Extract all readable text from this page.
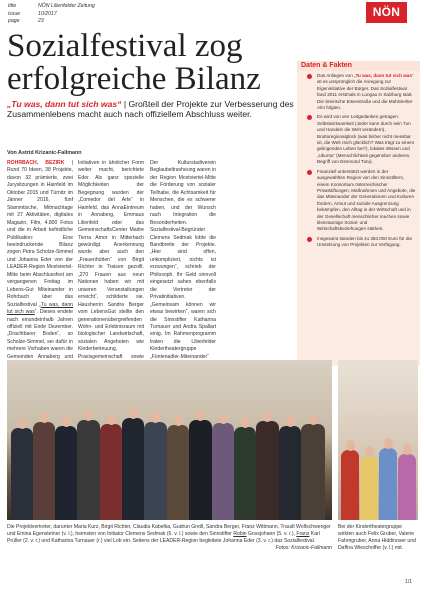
title	NÖN Lilienfelder Zeitung
issue	10/2017
page	23
NÖN
Sozialfestival zog
erfolgreiche Bilanz
„Tu was, dann tut sich was“ | Großteil der Projekte zur Verbesserung des Zusammenlebens macht auch nach offiziellem Abschluss weiter.
Von Astrid Krizanic-Fallmann

ROHRBACH, BEZIRK | Rund 70 Ideen, 38 Projekte, davon 32 prämierte, zwei Jurysitzungen in Hainfeld im Oktober 2015 und Türnitz im Jänner 2016, fünf Stammtische, Mitmachtage mit 27 Aktivitäten, digitales Magazin, Film, 4.800 Fotos und die in Arbeit befindliche Publikation: Eine beeindruckende Bilanz zogen Petra Scholze-Simmel und Johanna Eder von der LEADER-Region Mostviertel-Mitte beim Abschlussfest am vergangenen Freitag im Lebens-Gut Miteinander in Rohrbach über das Sozialfestival „Tu was, dann tut sich was“. Dieses endete nach einundeinhalb Jahren offiziell mit Ende Dezember. „Drachtbarer Boden“, so Scholze-Simmel, sei dafür in mehrere Vorhaben waren die Gemeinden Annaberg und

Initiativen in ähnlicher Form weiter macht, berichtete Eder. Als ganz spezielle Möglichkeiten der Begegnung wurden der „Comedor del Arte“ in Hainfeld, das AnnaEintreum in Annaberg, Emmaus Lilienfeld oder das GemeinschaftsCenter Madre Tierra Amor in Mitterbach gewürdigt. Anerkennung wurde aber auch den „Frauenhütten“ von Birgit Richter in Traisen gezollt. „270 Frauen aus neun Nationen haben wir mit unseren Veranstaltungen erreicht“, schilderte sie. Hausherrin Sandra Berger vom LebensGut stellte den generationenübergreifenden Wohn- und Erlebnisraum mit biologischer Landwirtschaft, sozialen Angeboten wie Kinderbetreuung, Praxisgemeinschaft sowie

Der Kulturstadtverein Beglaubeltravheung waren in der Region Mostviertel-Mitte die Förderung von sozialer Teilhabe, die Achtsamkeit für Menschen, die es schwerer haben, und der Wunsch nach Integration die Besonderheiten. Sozialfestival-Begründer Clemens Sedmak lobte die Bandbreite der Projekte. „Hier sind offen, unkompliziert, nichts ist erzwungen“, schrieb der Philosoph. Ihr Geld sinnvoll eingesetzt sahen ebenfalls die Vertreter der Privatinitiativen. „Gemeinsam können wir etwas bewirken“, waren sich die Sinnstifter Katharina Turnauer und Andra Spallart einig. Im Rahmenprogramm traten die Lilienfelder Kindertheatergruppe „Füntenadler-Miteinander“

Daten & Fakten
Das Anliegen von „Tu was, dann tut sich was“ ist es unsprünglich die Anregung zur Eigeninitiative der Bürger. Das Sozialfestival fand 2011 erstmals in Lungau in Salzburg statt. Die Steirische Eisenstraße und die Mühlviertler Alm folgten.
Es wird von vier Leitgedanken getragen: Selbstwirksamkeit (Jeder kann durch sein Tun und Handeln die Welt verändern), Bruttoregionalglück (was bisher nicht messbar ist, die Welt reich glücklich? Was trägt zu einem gelingenden Leben bei?), lokales Wissen und „Ubuntu“ (Menschlichkeit gegenüber anderen, Begriff von Desmond Tutu).
Finanziell unterstützt werden in der ausgewählten Region von den Sinnstiftern, einem Konsortium österreichischer Privatstiftungen, Maßnahmen und Angebote, die das Miteinander der Generationen und Kulturen fördern, Armut und soziale Ausgrenzung bekämpfen, den Alltag in der Wirtschaft und in der Gesellschaft menschlicher machen sowie kleinräumige Sozial- und Wirtschaftsbeziehungen stärken.
Insgesamt standen bis zu 350.000 Euro für die Umsetzung von Projekten zur Verfügung.
Die Projektvertreter, darunter Maria Kurz, Birgit Richter, Claudia Kabelka, Gudrun Greill, Sandra Berger, Franz Wittmann, Traudl Wolfschwenger und Emina Egenstetner (v. l.), heimsten von Initiator Clemens Sedmak (6. v. l.) sowie den Sinnstifter Robin Gossjohann (5. v. r.), Franz Karl Prüller (2. v. r.) und Katharina Turnauer (r.) viel Lob ein. Seitens der LEADER-Region begleitete Johanna Eder (3. v. r.) das Sozialfestival.
Fotos: Krizanic-Fallmann
Bei der Kindertheatergruppe wirkten auch Felix Gruber, Valerie Fahrngruber, Anna Hiddinoser und Daffna Wieschoffer (v. l.) mit.
1/1
